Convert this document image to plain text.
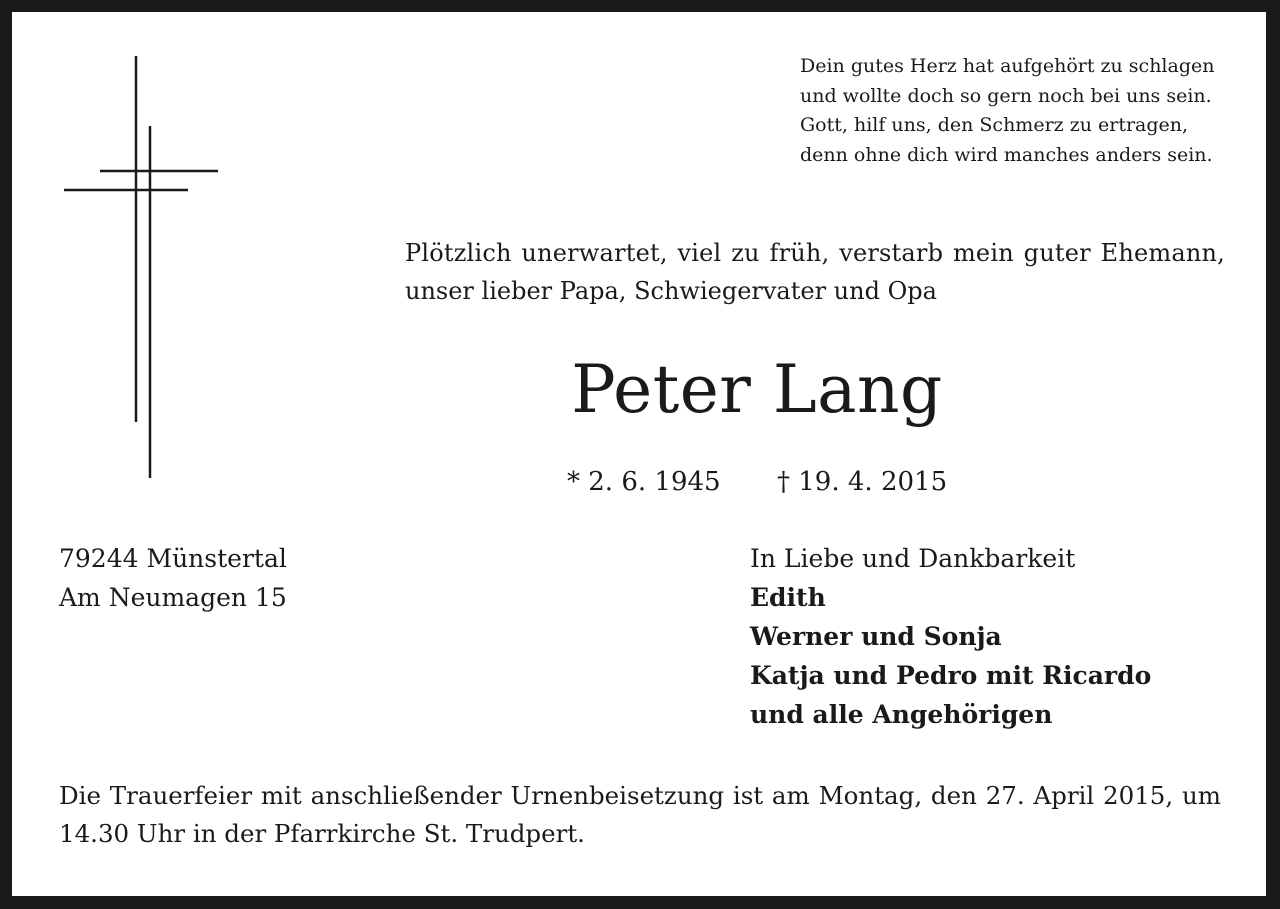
Dein gutes Herz hat aufgehört zu schlagen
und wollte doch so gern noch bei uns sein.
Gott, hilf uns, den Schmerz zu ertragen,
denn ohne dich wird manches anders sein.
Plötzlich unerwartet, viel zu früh, verstarb mein guter Ehemann,
unser lieber Papa, Schwiegervater und Opa
Peter Lang
* 2. 6. 1945 † 19. 4. 2015
79244 Münstertal
Am Neumagen 15
In Liebe und Dankbarkeit
Edith
Werner und Sonja
Katja und Pedro mit Ricardo
und alle Angehörigen
Die Trauerfeier mit anschließender Urnenbeisetzung ist am Montag, den 27. April 2015, um
14.30 Uhr in der Pfarrkirche St. Trudpert.
